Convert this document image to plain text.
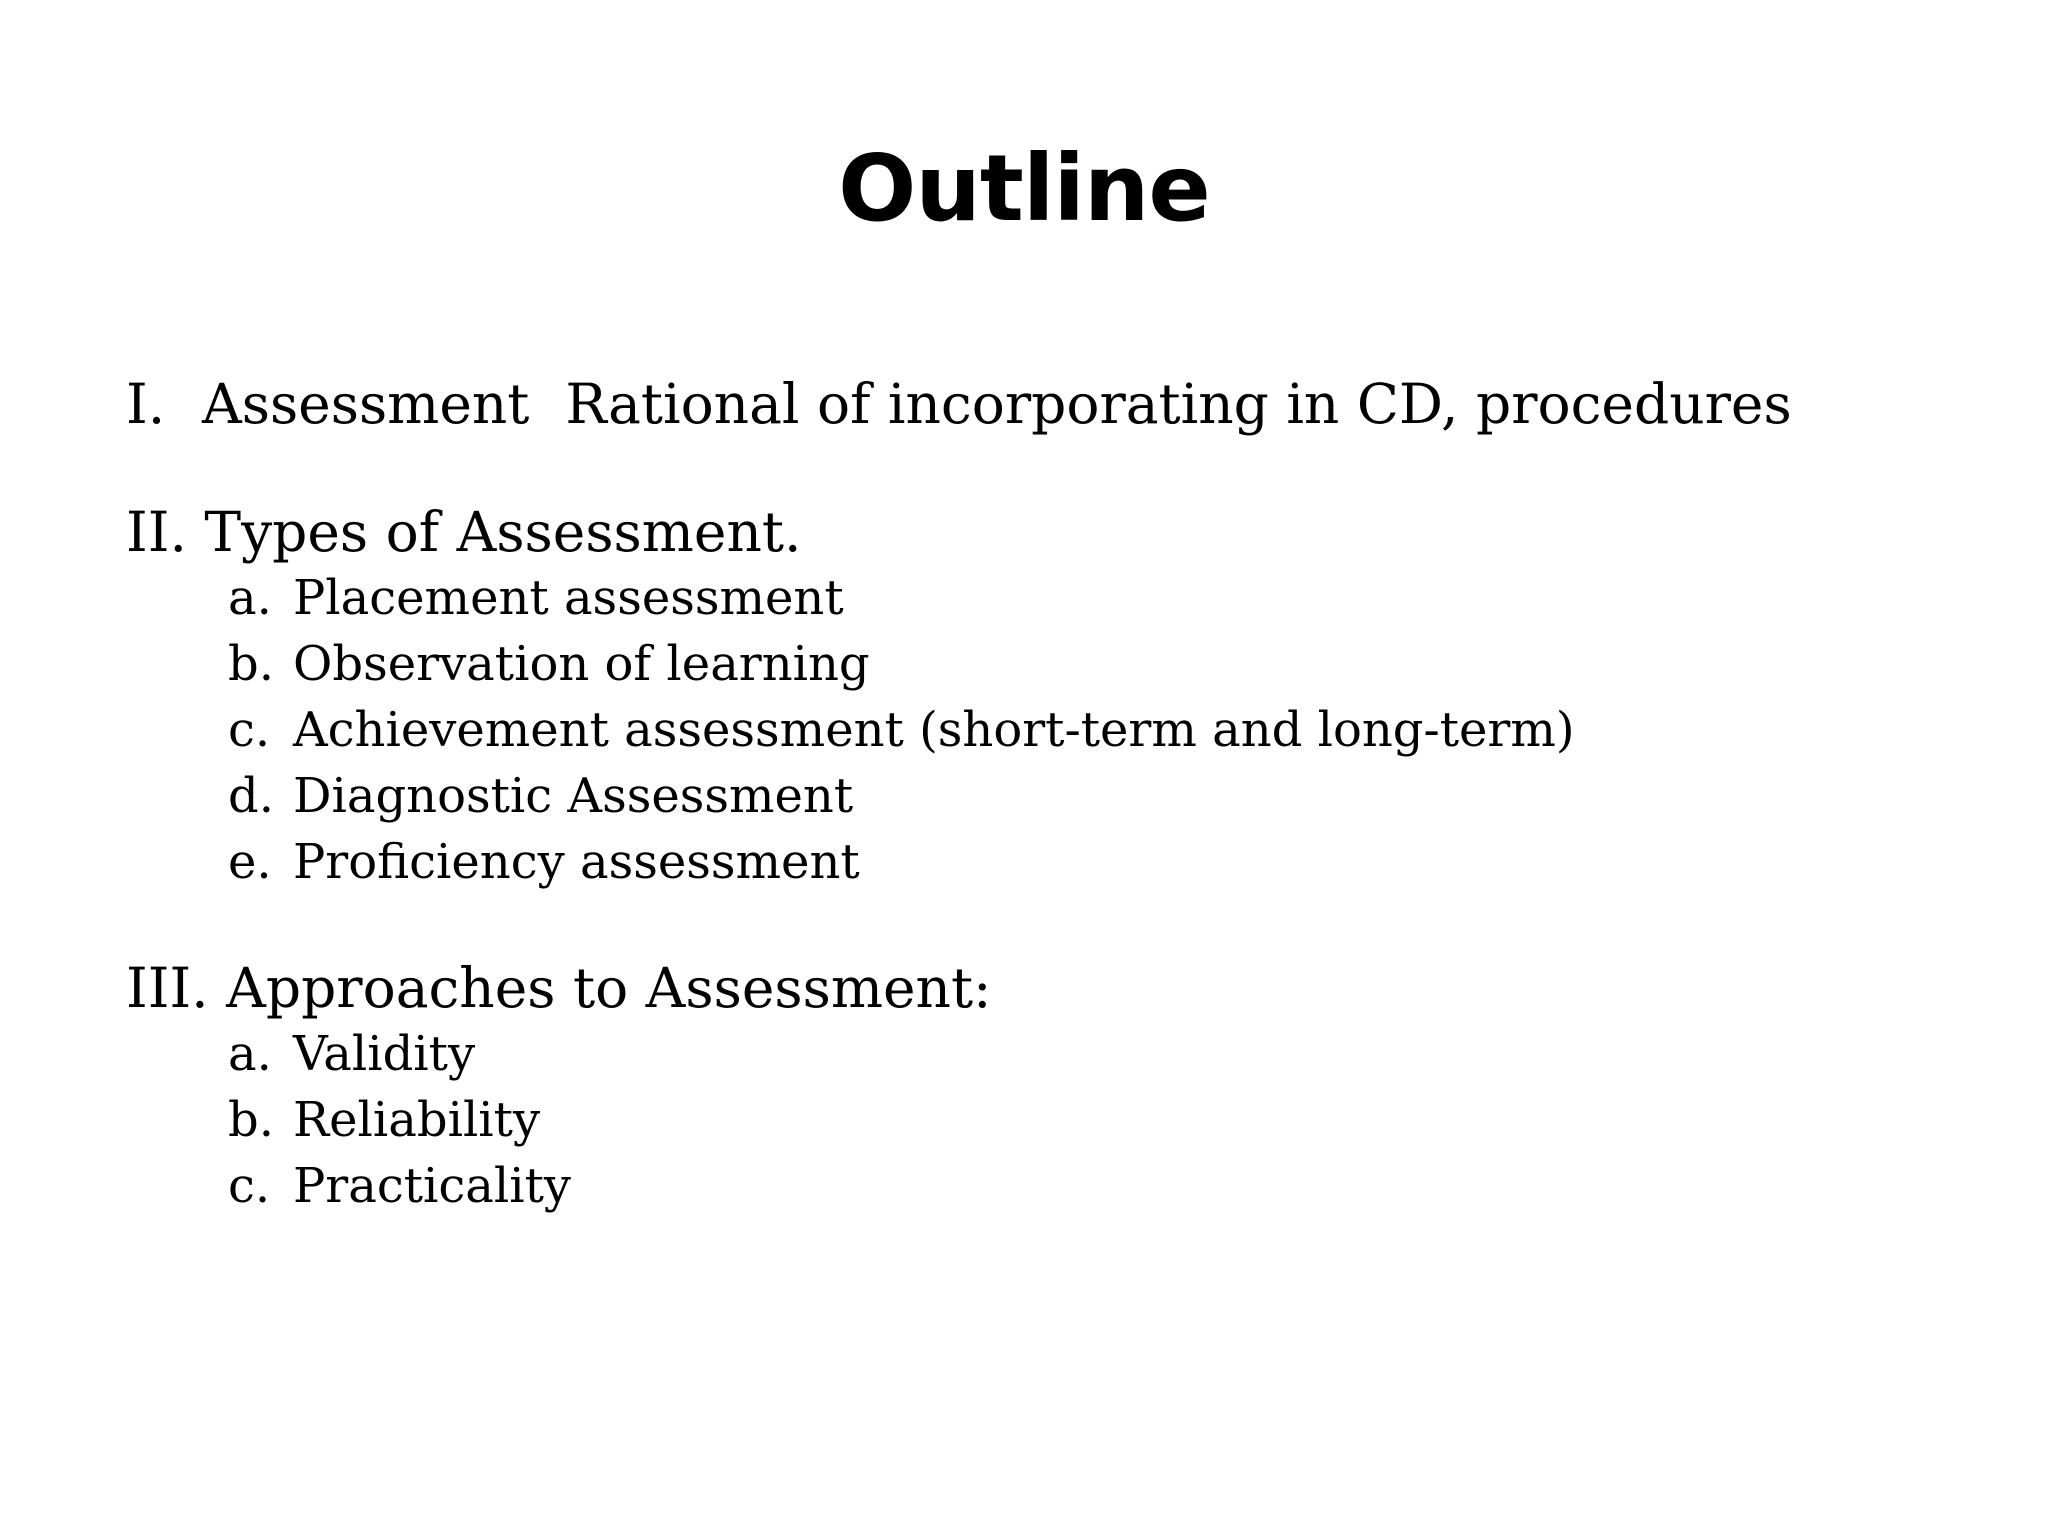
Outline
I. Assessment Rational of incorporating in CD, procedures
II. Types of Assessment.
a. Placement assessment
b. Observation of learning
c. Achievement assessment (short-term and long-term)
d. Diagnostic Assessment
e. Proficiency assessment
III. Approaches to Assessment:
a. Validity
b. Reliability
c. Practicality
